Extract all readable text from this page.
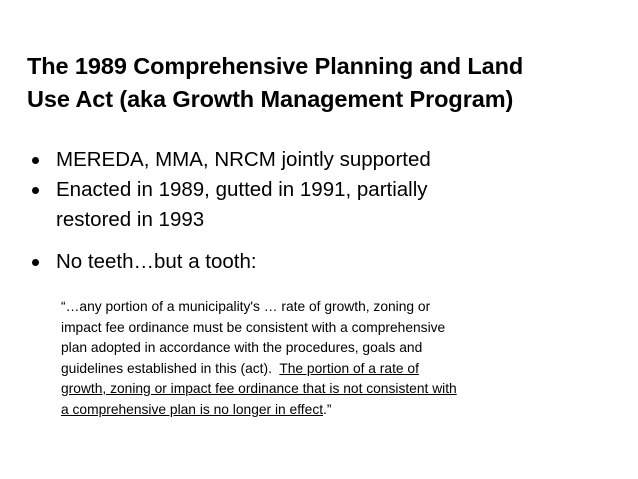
The 1989 Comprehensive Planning and Land
Use Act (aka Growth Management Program)
MEREDA, MMA, NRCM jointly supported
Enacted in 1989, gutted in 1991, partially
restored in 1993
No teeth…but a tooth:
“…any portion of a municipality's … rate of growth, zoning or
impact fee ordinance must be consistent with a comprehensive
plan adopted in accordance with the procedures, goals and
guidelines established in this (act).  The portion of a rate of
growth, zoning or impact fee ordinance that is not consistent with
a comprehensive plan is no longer in effect.”
